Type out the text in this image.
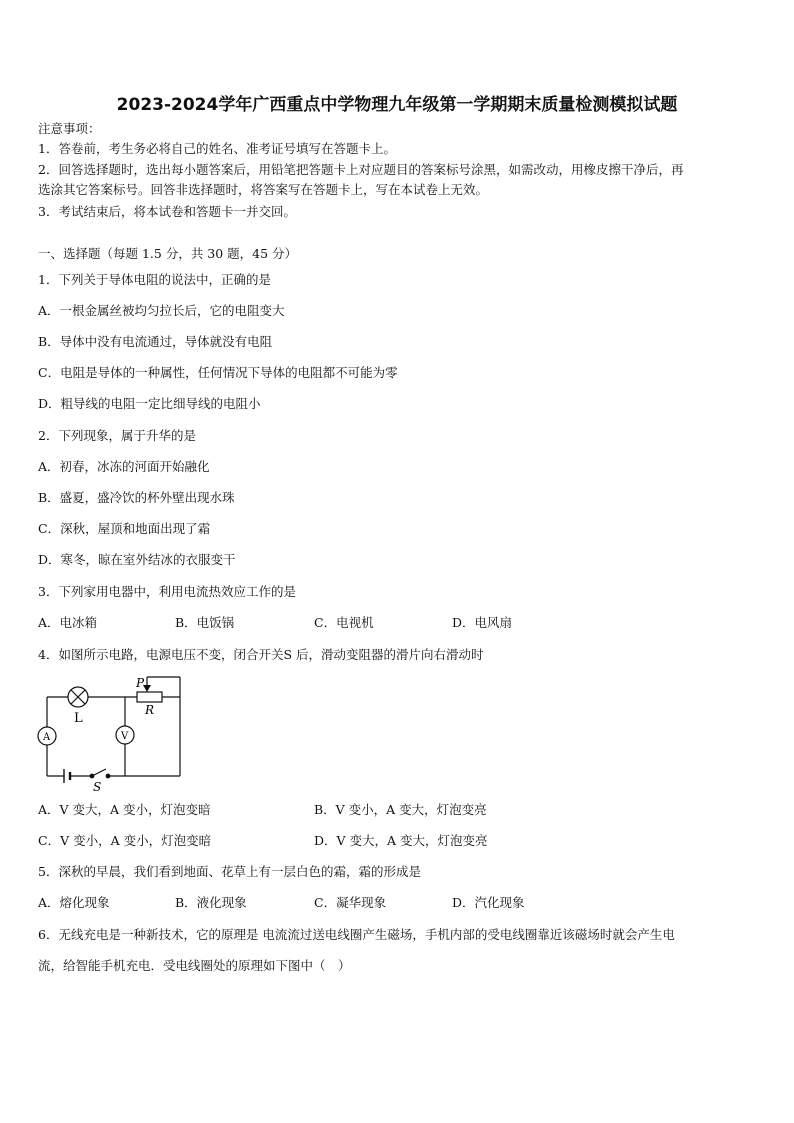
2023-2024学年广西重点中学物理九年级第一学期期末质量检测模拟试题
注意事项：
1．答卷前，考生务必将自己的姓名、准考证号填写在答题卡上。
2．回答选择题时，选出每小题答案后，用铅笔把答题卡上对应题目的答案标号涂黑，如需改动，用橡皮擦干净后，再
选涂其它答案标号。回答非选择题时，将答案写在答题卡上，写在本试卷上无效。
3．考试结束后，将本试卷和答题卡一并交回。
一、选择题（每题 1.5 分，共 30 题，45 分）
1．下列关于导体电阻的说法中，正确的是
A．一根金属丝被均匀拉长后，它的电阻变大
B．导体中没有电流通过，导体就没有电阻
C．电阻是导体的一种属性，任何情况下导体的电阻都不可能为零
D．粗导线的电阻一定比细导线的电阻小
2．下列现象，属于升华的是
A．初春，冰冻的河面开始融化
B．盛夏，盛冷饮的杯外壁出现水珠
C．深秋，屋顶和地面出现了霜
D．寒冬，晾在室外结冰的衣服变干
3．下列家用电器中，利用电流热效应工作的是
A．电冰箱	B．电饭锅	C．电视机	D．电风扇
4．如图所示电路，电源电压不变，闭合开关S 后，滑动变阻器的滑片向右滑动时
P
R
L
A	V
S
A．V 变大，A 变小，灯泡变暗	B．V 变小，A 变大，灯泡变亮
C．V 变小，A 变小，灯泡变暗	D．V 变大，A 变大，灯泡变亮
5．深秋的早晨，我们看到地面、花草上有一层白色的霜，霜的形成是
A．熔化现象	B．液化现象	C．凝华现象	D．汽化现象
6．无线充电是一种新技术，它的原理是 电流流过送电线圈产生磁场，手机内部的受电线圈靠近该磁场时就会产生电
流，给智能手机充电．受电线圈处的原理如下图中（　）
